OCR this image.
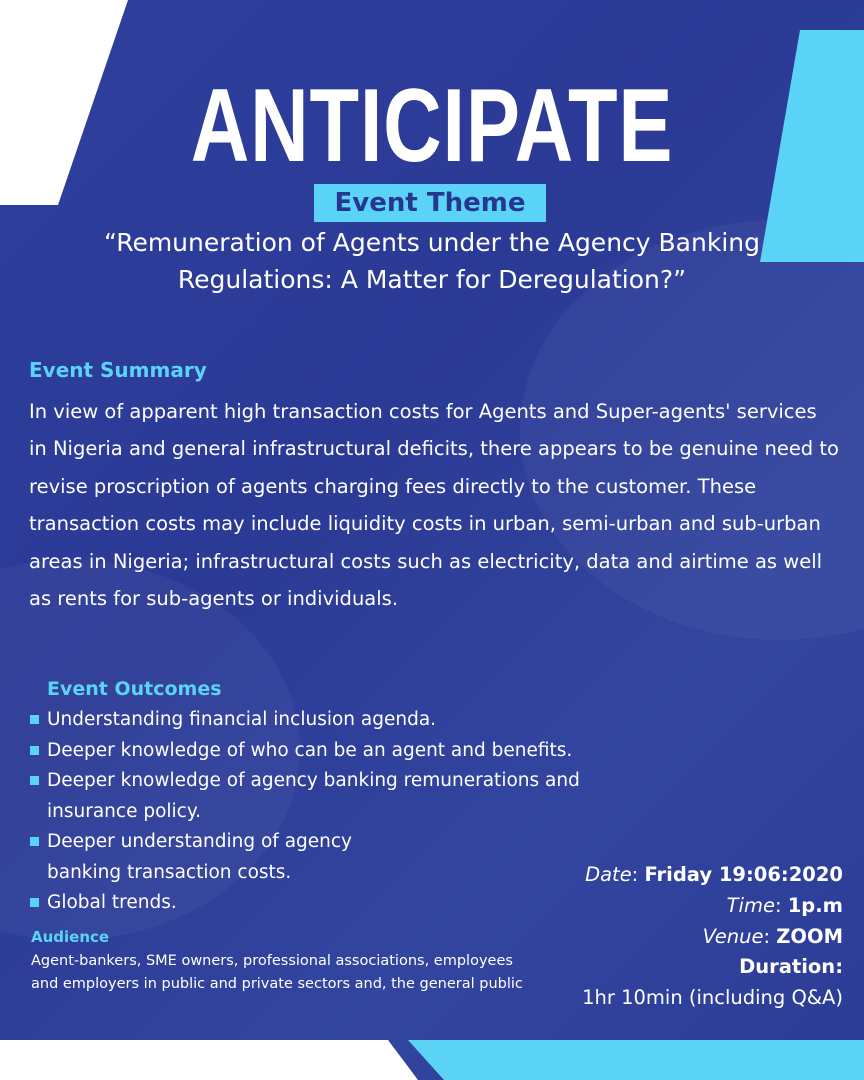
ANTICIPATE
Event Theme
“Remuneration of Agents under the Agency Banking Regulations: A Matter for Deregulation?”
Event Summary
In view of apparent high transaction costs for Agents and Super-agents' services in Nigeria and general infrastructural deficits, there appears to be genuine need to revise proscription of agents charging fees directly to the customer. These transaction costs may include liquidity costs in urban, semi-urban and sub-urban areas in Nigeria; infrastructural costs such as electricity, data and airtime as well as rents for sub-agents or individuals.
Event Outcomes
Understanding financial inclusion agenda.
Deeper knowledge of who can be an agent and benefits.
Deeper knowledge of agency banking remunerations and insurance policy.
Deeper understanding of agency banking transaction costs.
Global trends.
Audience
Agent-bankers, SME owners, professional associations, employees and employers in public and private sectors and, the general public
Date: Friday 19:06:2020
Time: 1p.m
Venue: ZOOM
Duration:
1hr 10min (including Q&A)
